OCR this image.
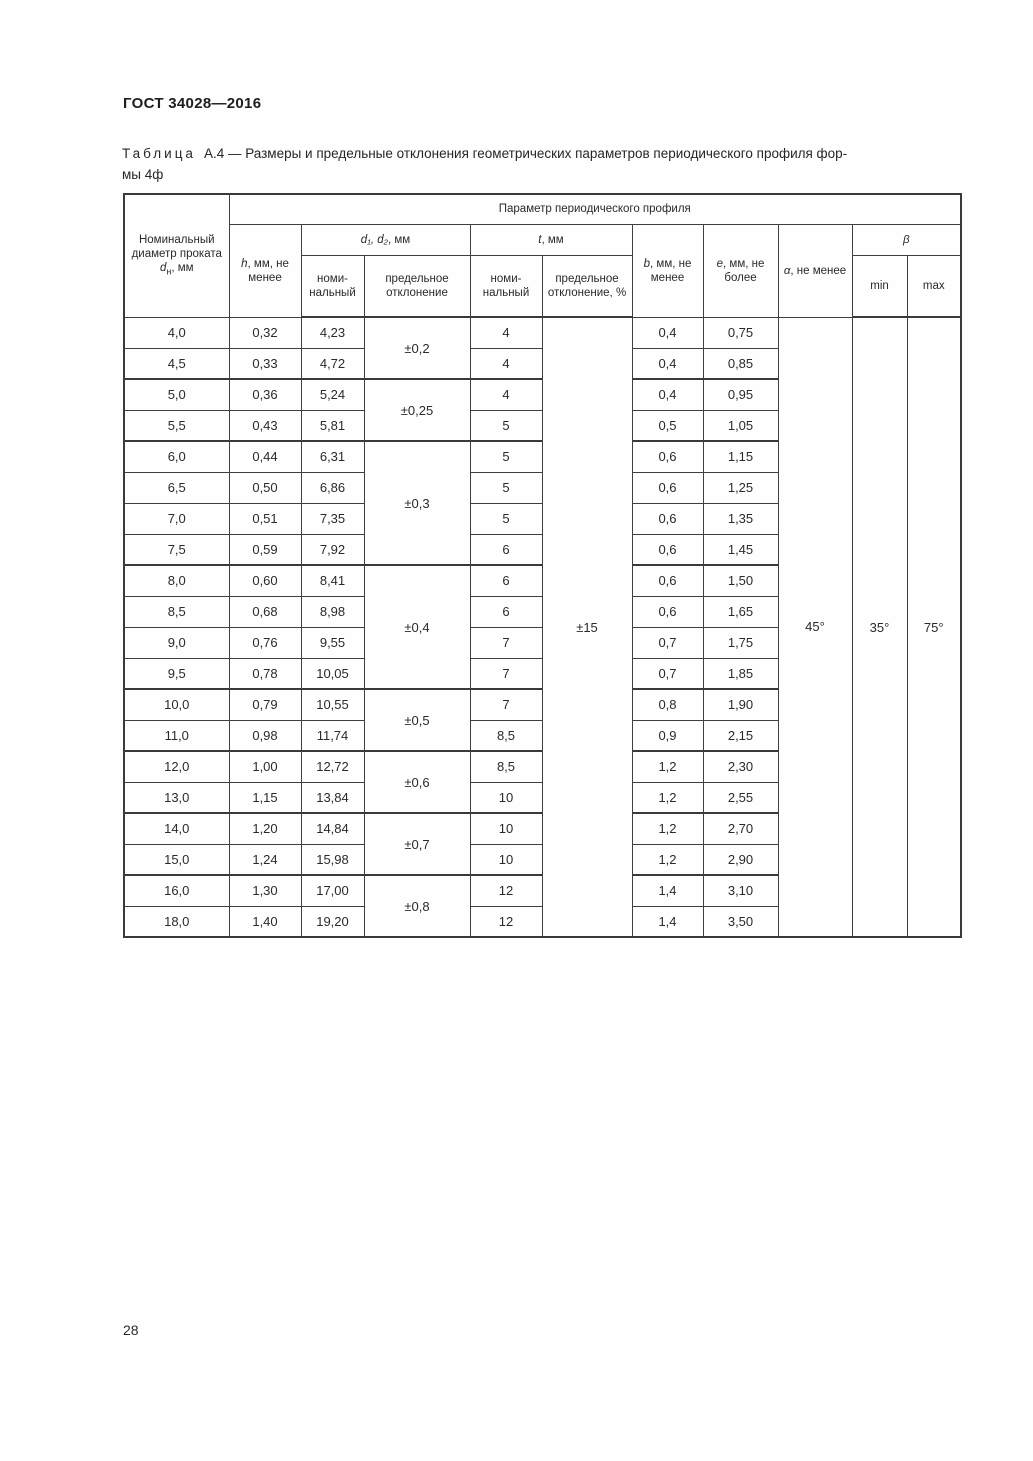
ГОСТ 34028—2016
Таблица А.4 — Размеры и предельные отклонения геометрических параметров периодического профиля фор-
мы 4ф
Номинальный диаметр проката $d_н$, мм	Параметр периодического профиля									
	h, мм, не менее	d₁, d₂, мм		t, мм		b, мм, не менее	e, мм, не более	α, не менее	β	
		номи-нальный	предельное отклонение	номи-нальный	предельное отклонение, %				min	max
4,0	0,32	4,23	±0,2	4	±15	0,4	0,75	45°	35°	75°
4,5	0,33	4,72		4		0,4	0,85			
5,0	0,36	5,24	±0,25	4		0,4	0,95			
5,5	0,43	5,81		5		0,5	1,05			
6,0	0,44	6,31	±0,3	5		0,6	1,15			
6,5	0,50	6,86		5		0,6	1,25			
7,0	0,51	7,35		5		0,6	1,35			
7,5	0,59	7,92		6		0,6	1,45			
8,0	0,60	8,41	±0,4	6		0,6	1,50			
8,5	0,68	8,98		6		0,6	1,65			
9,0	0,76	9,55		7		0,7	1,75			
9,5	0,78	10,05		7		0,7	1,85			
10,0	0,79	10,55	±0,5	7		0,8	1,90			
11,0	0,98	11,74		8,5		0,9	2,15			
12,0	1,00	12,72	±0,6	8,5		1,2	2,30			
13,0	1,15	13,84		10		1,2	2,55			
14,0	1,20	14,84	±0,7	10		1,2	2,70			
15,0	1,24	15,98		10		1,2	2,90			
16,0	1,30	17,00	±0,8	12		1,4	3,10			
18,0	1,40	19,20		12		1,4	3,50			
28
